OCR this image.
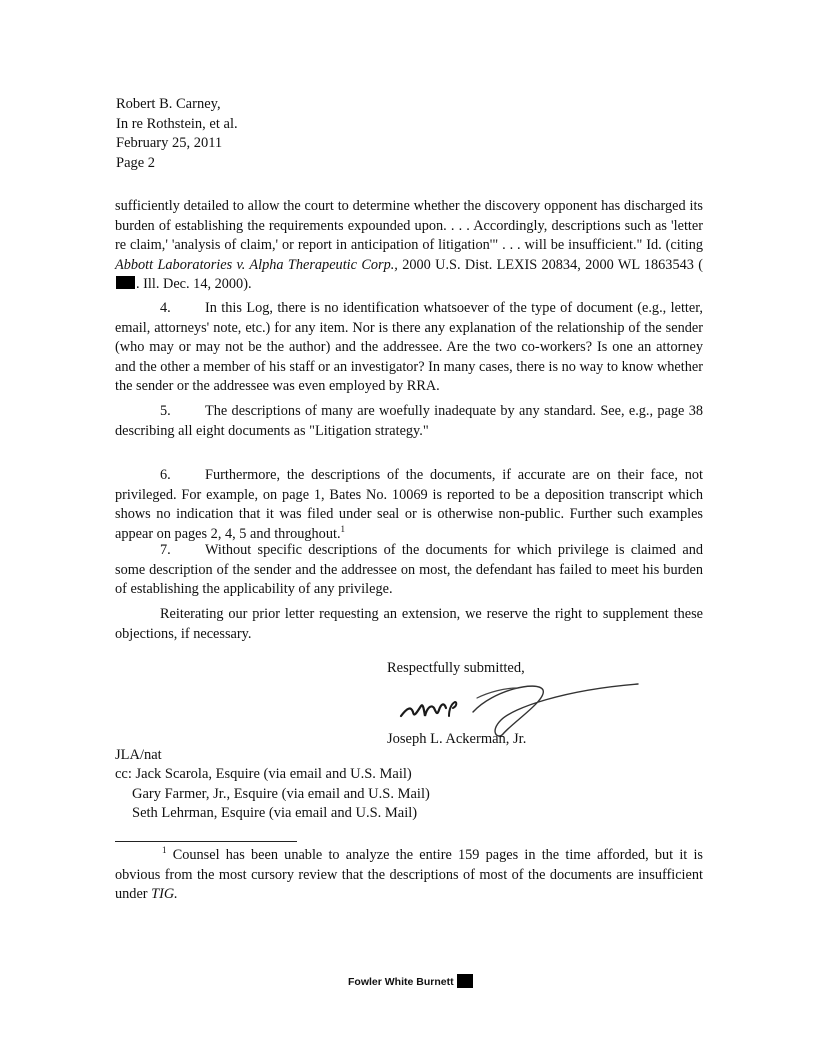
Robert B. Carney,
In re Rothstein, et al.
February 25, 2011
Page 2

sufficiently detailed to allow the court to determine whether the discovery opponent has discharged its burden of establishing the requirements expounded upon. . . . Accordingly, descriptions such as 'letter re claim,' 'analysis of claim,' or report in anticipation of litigation'" . . . will be insufficient." Id. (citing Abbott Laboratories v. Alpha Therapeutic Corp., 2000 U.S. Dist. LEXIS 20834, 2000 WL 1863543 (. Ill. Dec. 14, 2000).

4. In this Log, there is no identification whatsoever of the type of document (e.g., letter, email, attorneys' note, etc.) for any item. Nor is there any explanation of the relationship of the sender (who may or may not be the author) and the addressee. Are the two co-workers? Is one an attorney and the other a member of his staff or an investigator? In many cases, there is no way to know whether the sender or the addressee was even employed by RRA.

5. The descriptions of many are woefully inadequate by any standard. See, e.g., page 38 describing all eight documents as "Litigation strategy."

6. Furthermore, the descriptions of the documents, if accurate are on their face, not privileged. For example, on page 1, Bates No. 10069 is reported to be a deposition transcript which shows no indication that it was filed under seal or is otherwise non-public. Further such examples appear on pages 2, 4, 5 and throughout.$^1$

7. Without specific descriptions of the documents for which privilege is claimed and some description of the sender and the addressee on most, the defendant has failed to meet his burden of establishing the applicability of any privilege.

Reiterating our prior letter requesting an extension, we reserve the right to supplement these objections, if necessary.

Respectfully submitted,
Joseph L. Ackerman, Jr.
JLA/nat
cc: Jack Scarola, Esquire (via email and U.S. Mail)
Gary Farmer, Jr., Esquire (via email and U.S. Mail)
Seth Lehrman, Esquire (via email and U.S. Mail)

$^1$ Counsel has been unable to analyze the entire 159 pages in the time afforded, but it is obvious from the most cursory review that the descriptions of most of the documents are insufficient under TIG.

Fowler White Burnett
